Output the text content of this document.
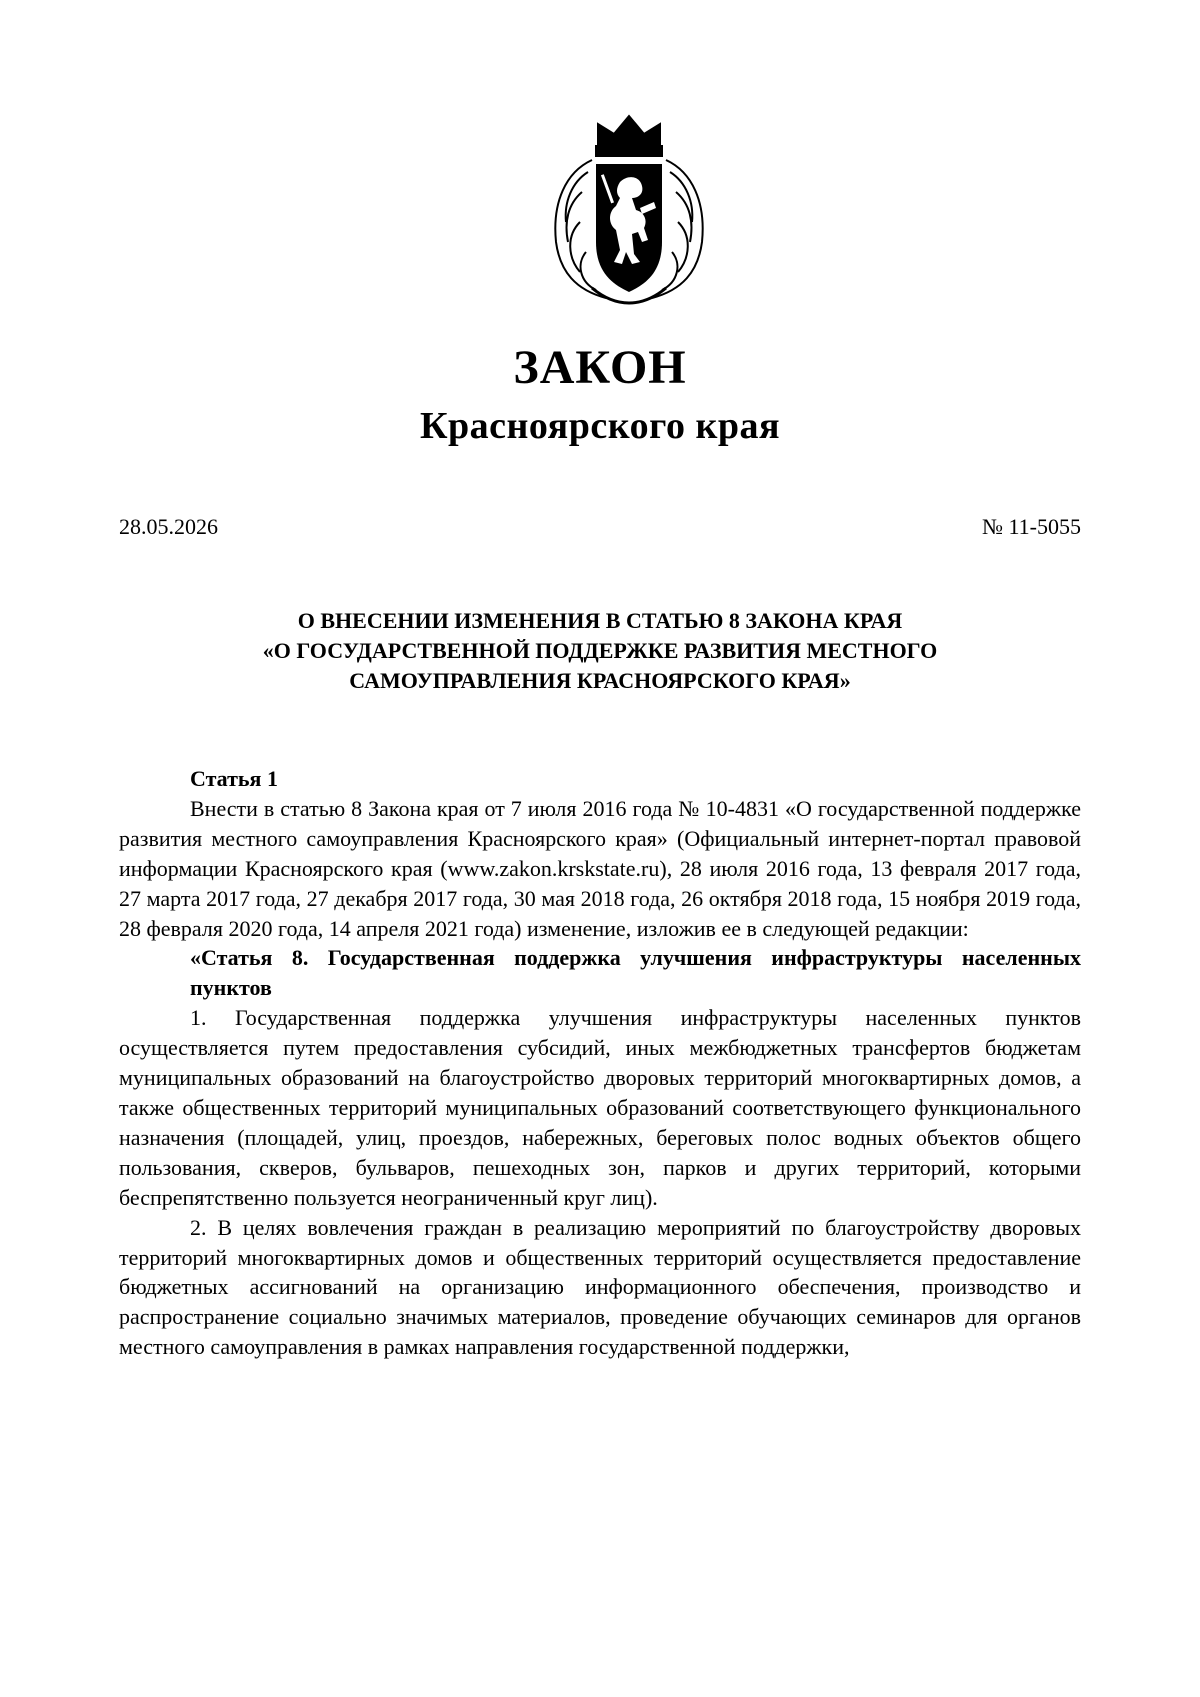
ЗАКОН
Красноярского края
28.05.2026	№ 11-5055
О ВНЕСЕНИИ ИЗМЕНЕНИЯ В СТАТЬЮ 8 ЗАКОНА КРАЯ
«О ГОСУДАРСТВЕННОЙ ПОДДЕРЖКЕ РАЗВИТИЯ МЕСТНОГО
САМОУПРАВЛЕНИЯ КРАСНОЯРСКОГО КРАЯ»

Статья 1

Внести в статью 8 Закона края от 7 июля 2016 года № 10-4831 «О государственной поддержке развития местного самоуправления Красноярского края» (Официальный интернет-портал правовой информации Красноярского края (www.zakon.krskstate.ru), 28 июля 2016 года, 13 февраля 2017 года, 27 марта 2017 года, 27 декабря 2017 года, 30 мая 2018 года, 26 октября 2018 года, 15 ноября 2019 года, 28 февраля 2020 года, 14 апреля 2021 года) изменение, изложив ее в следующей редакции:

«Статья 8. Государственная поддержка улучшения инфраструктуры населенных пунктов

1. Государственная поддержка улучшения инфраструктуры населенных пунктов осуществляется путем предоставления субсидий, иных межбюджетных трансфертов бюджетам муниципальных образований на благоустройство дворовых территорий многоквартирных домов, а также общественных территорий муниципальных образований соответствующего функционального назначения (площадей, улиц, проездов, набережных, береговых полос водных объектов общего пользования, скверов, бульваров, пешеходных зон, парков и других территорий, которыми беспрепятственно пользуется неограниченный круг лиц).

2. В целях вовлечения граждан в реализацию мероприятий по благоустройству дворовых территорий многоквартирных домов и общественных территорий осуществляется предоставление бюджетных ассигнований на организацию информационного обеспечения, производство и распространение социально значимых материалов, проведение обучающих семинаров для органов местного самоуправления в рамках направления государственной поддержки,
